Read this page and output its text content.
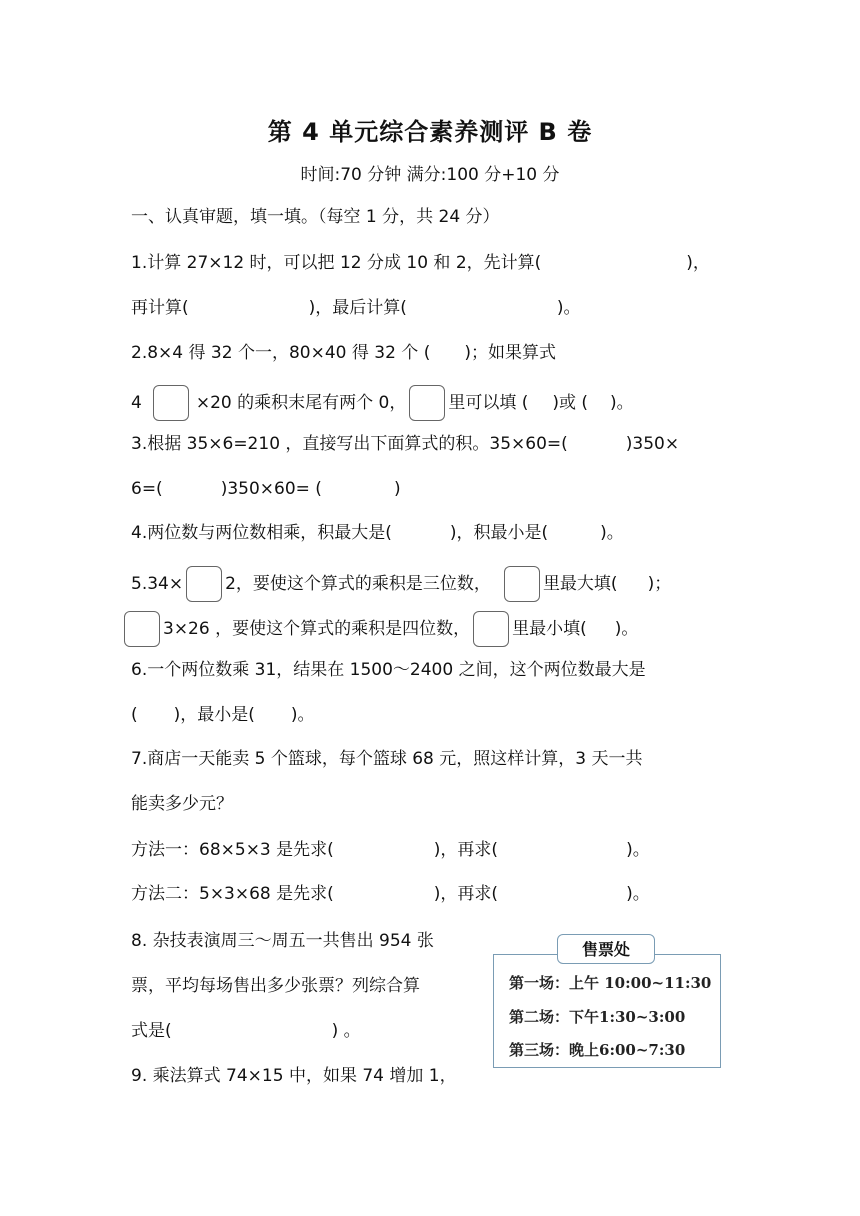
第 4 单元综合素养测评 B 卷
时间:70 分钟 满分:100 分+10 分
一、认真审题，填一填。（每空 1 分，共 24 分）
1.计算 27×12 时，可以把 12 分成 10 和 2，先计算(	)，
再计算(	)，最后计算(	)。
2.8×4 得 32 个一，80×40 得 32 个 ( )；如果算式
4	×20 的乘积末尾有两个 0， 里可以填 ( )或 ( )。
3.根据 35×6=210 ，直接写出下面算式的积。35×60=(	)350×
6=(	)350×60= (	)
4.两位数与两位数相乘，积最大是(	)，积最小是(	)。
5.34× 2，要使这个算式的乘积是三位数，	里最大填( )；
3×26 ，要使这个算式的乘积是四位数， 里最小填( )。
6.一个两位数乘 31，结果在 1500～2400 之间，这个两位数最大是
( )，最小是( )。
7.商店一天能卖 5 个篮球，每个篮球 68 元，照这样计算，3 天一共
能卖多少元？
方法一：68×5×3 是先求(	)，再求(	)。
方法二：5×3×68 是先求(	)，再求(	)。
8. 杂技表演周三～周五一共售出 954 张
票，平均每场售出多少张票？列综合算
式是(	) 。
9. 乘法算式 74×15 中，如果 74 增加 1，
售票处
第一场：上午 10:00~11:30
第二场：下午1:30~3:00
第三场：晚上6:00~7:30
